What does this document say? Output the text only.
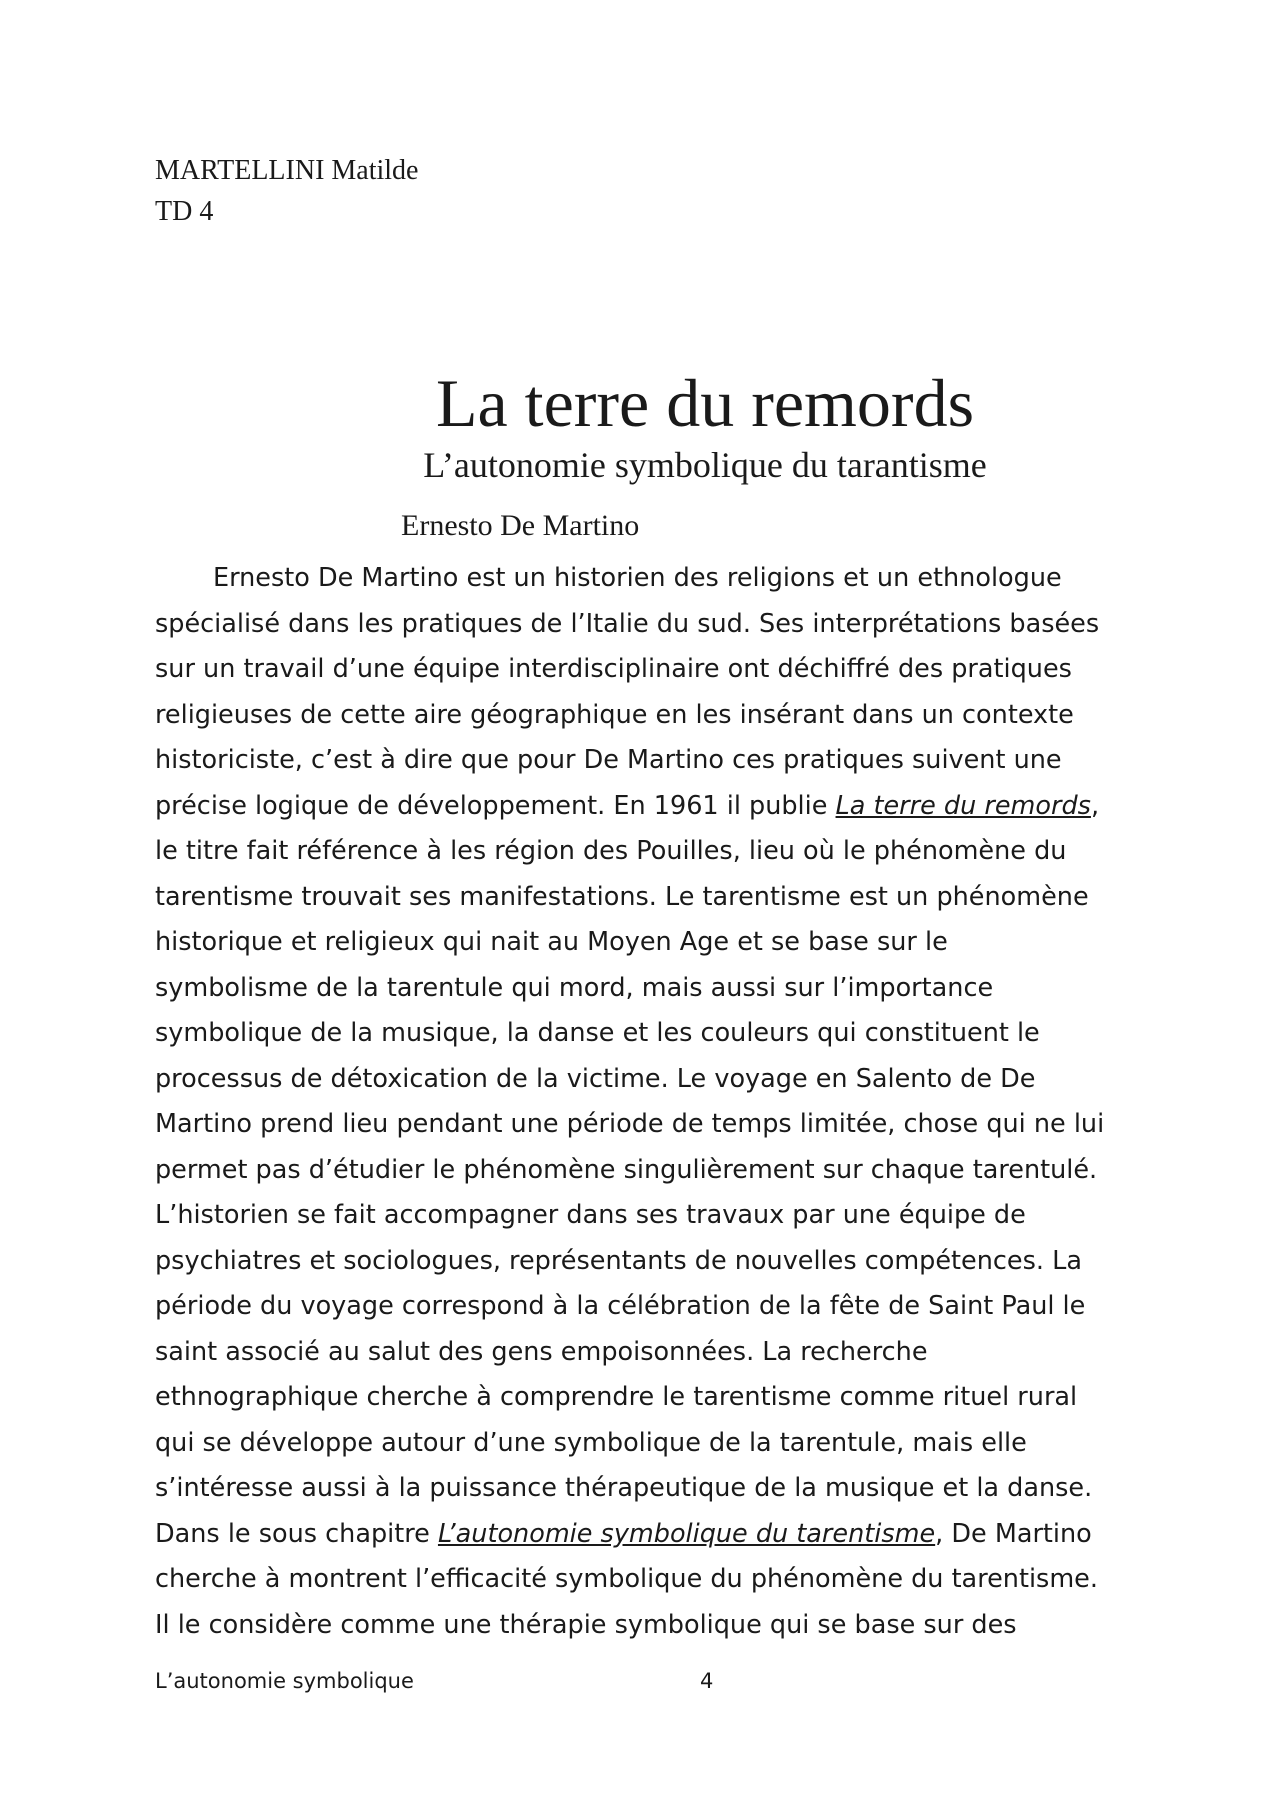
MARTELLINI Matilde
TD 4
La terre du remords
L’autonomie symbolique du tarantisme
Ernesto De Martino
Ernesto De Martino est un historien des religions et un ethnologue
spécialisé dans les pratiques de l’Italie du sud. Ses interprétations basées
sur un travail d’une équipe interdisciplinaire ont déchiffré des pratiques
religieuses de cette aire géographique en les insérant dans un contexte
historiciste, c’est à dire que pour De Martino ces pratiques suivent une
précise logique de développement. En 1961 il publie La terre du remords,
le titre fait référence à les région des Pouilles, lieu où le phénomène du
tarentisme trouvait ses manifestations. Le tarentisme est un phénomène
historique et religieux qui nait au Moyen Age et se base sur le
symbolisme de la tarentule qui mord, mais aussi sur l’importance
symbolique de la musique, la danse et les couleurs qui constituent le
processus de détoxication de la victime. Le voyage en Salento de De
Martino prend lieu pendant une période de temps limitée, chose qui ne lui
permet pas d’étudier le phénomène singulièrement sur chaque tarentulé.
L’historien se fait accompagner dans ses travaux par une équipe de
psychiatres et sociologues, représentants de nouvelles compétences. La
période du voyage correspond à la célébration de la fête de Saint Paul le
saint associé au salut des gens empoisonnées. La recherche
ethnographique cherche à comprendre le tarentisme comme rituel rural
qui se développe autour d’une symbolique de la tarentule, mais elle
s’intéresse aussi à la puissance thérapeutique de la musique et la danse.
Dans le sous chapitre L’autonomie symbolique du tarentisme, De Martino
cherche à montrent l’efficacité symbolique du phénomène du tarentisme.
Il le considère comme une thérapie symbolique qui se base sur des
L’autonomie symbolique	4
